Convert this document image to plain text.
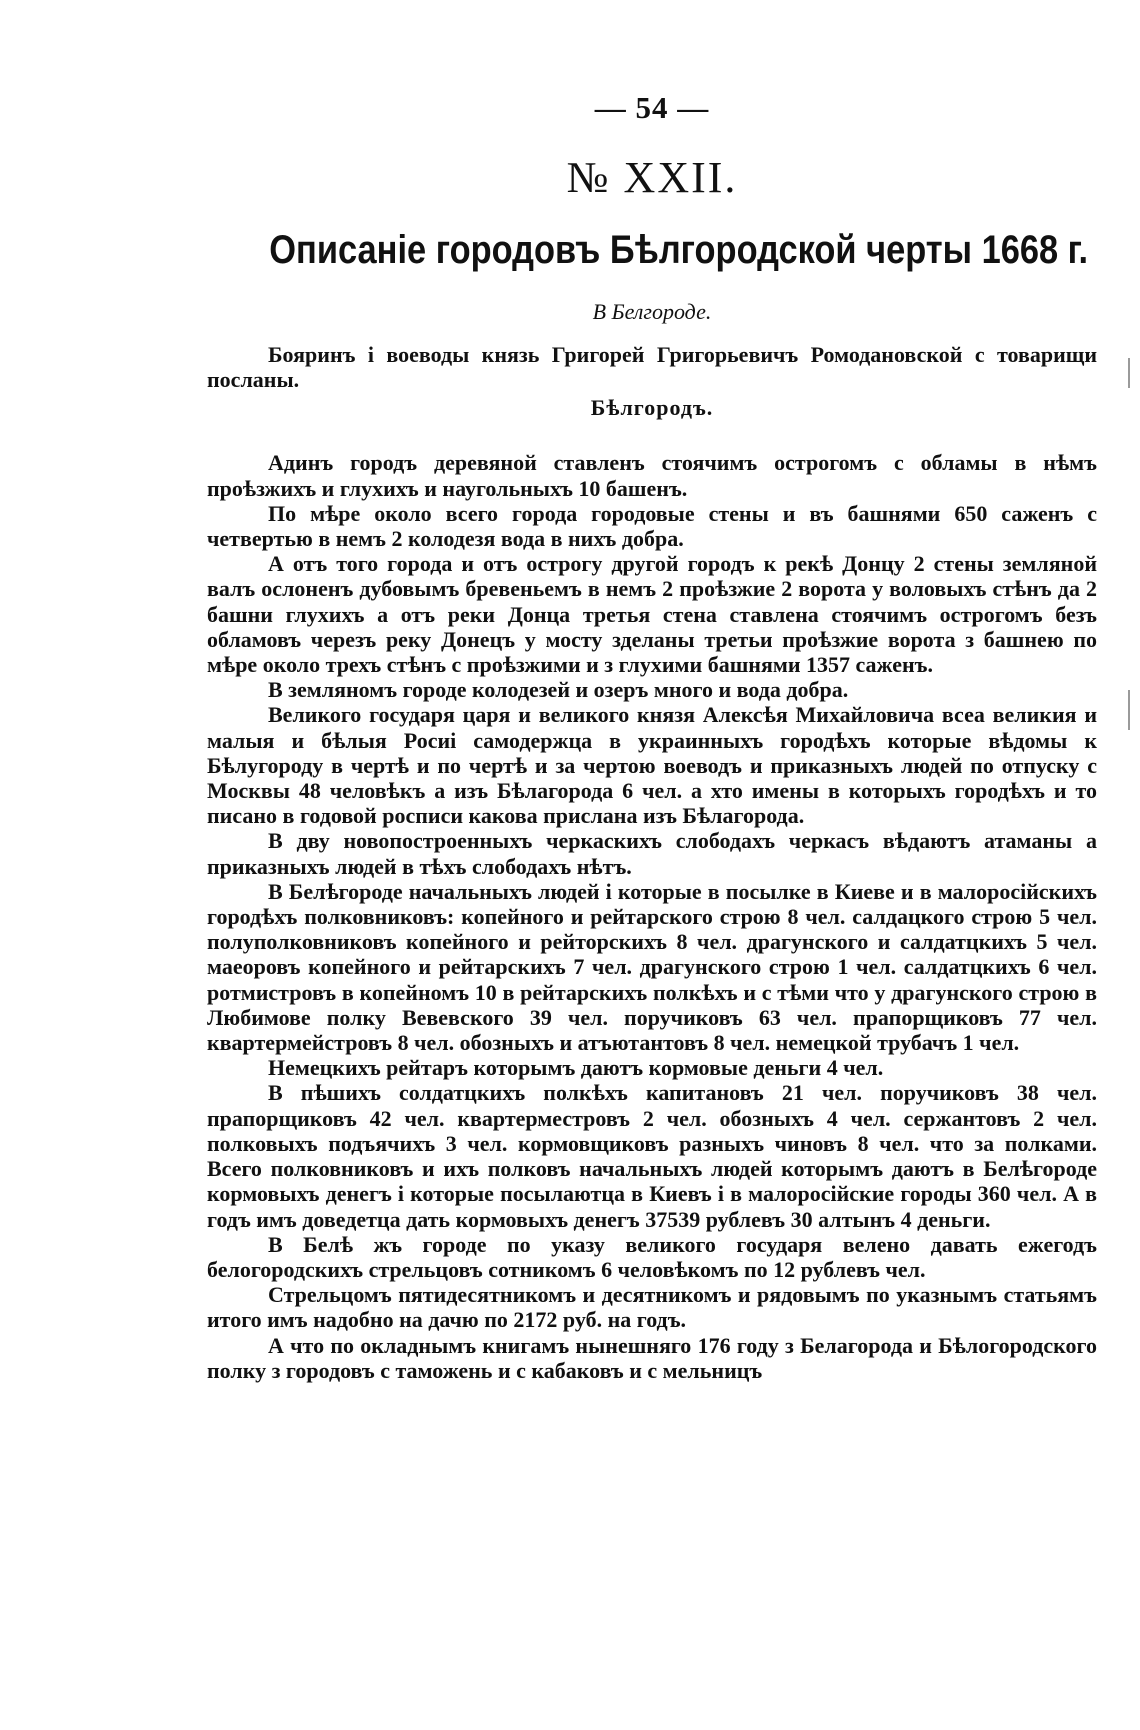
— 54 —
№ XXII.
Описаніе городовъ Бѣлгородской черты 1668 г.
В Белгороде.

Бояринъ і воеводы князь Григорей Григорьевичъ Ромодановской с товарищи посланы.

Бѣлгородъ.

Адинъ городъ деревяной ставленъ стоячимъ острогомъ с обламы в нѣмъ проѣзжихъ и глухихъ и наугольныхъ 10 башенъ.

По мѣре около всего города городовые стены и въ башнями 650 саженъ с четвертью в немъ 2 колодезя вода в нихъ добра.

А отъ того города и отъ острогу другой городъ к рекѣ Донцу 2 стены земляной валъ ослоненъ дубовымъ бревеньемъ в немъ 2 проѣзжие 2 ворота у воловыхъ стѣнъ да 2 башни глухихъ а отъ реки Донца третья стена ставлена стоячимъ острогомъ безъ обламовъ черезъ реку Донецъ у мосту зделаны третьи проѣзжие ворота з башнею по мѣре около трехъ стѣнъ с проѣзжими и з глухими башнями 1357 саженъ.

В земляномъ городе колодезей и озеръ много и вода добра.

Великого государя царя и великого князя Алексѣя Михайловича всеа великия и малыя и бѣлыя Росиі самодержца в украинныхъ городѣхъ которые вѣдомы к Бѣлугороду в чертѣ и по чертѣ и за чертою воеводъ и приказныхъ людей по отпуску с Москвы 48 человѣкъ а изъ Бѣлагорода 6 чел. а хто имены в которыхъ городѣхъ и то писано в годовой росписи какова прислана изъ Бѣлагорода.

В дву новопостроенныхъ черкаскихъ слободахъ черкасъ вѣдаютъ атаманы а приказныхъ людей в тѣхъ слободахъ нѣтъ.

В Белѣгороде начальныхъ людей і которые в посылке в Киеве и в малоросійскихъ городѣхъ полковниковъ: копейного и рейтарского строю 8 чел. салдацкого строю 5 чел. полуполковниковъ копейного и рейторскихъ 8 чел. драгунского и салдатцкихъ 5 чел. маеоровъ копейного и рейтарскихъ 7 чел. драгунского строю 1 чел. салдатцкихъ 6 чел. ротмистровъ в копейномъ 10 в рейтарскихъ полкѣхъ и с тѣми что у драгунского строю в Любимове полку Вевевского 39 чел. поручиковъ 63 чел. прапорщиковъ 77 чел. квартермейстровъ 8 чел. обозныхъ и атъютантовъ 8 чел. немецкой трубачъ 1 чел.

Немецкихъ рейтаръ которымъ даютъ кормовые деньги 4 чел.

В пѣшихъ солдатцкихъ полкѣхъ капитановъ 21 чел. поручиковъ 38 чел. прапорщиковъ 42 чел. квартерместровъ 2 чел. обозныхъ 4 чел. сержантовъ 2 чел. полковыхъ подъячихъ 3 чел. кормовщиковъ разныхъ чиновъ 8 чел. что за полками. Всего полковниковъ и ихъ полковъ начальныхъ людей которымъ даютъ в Белѣгороде кормовыхъ денегъ і которые посылаютца в Киевъ і в малоросійские городы 360 чел. А в годъ имъ доведетца дать кормовыхъ денегъ 37539 рублевъ 30 алтынъ 4 деньги.

В Белѣ жъ городе по указу великого государя велено давать ежегодъ белогородскихъ стрельцовъ сотникомъ 6 человѣкомъ по 12 рублевъ чел.

Стрельцомъ пятидесятникомъ и десятникомъ и рядовымъ по указнымъ статьямъ итого имъ надобно на дачю по 2172 руб. на годъ.

А что по окладнымъ книгамъ нынешняго 176 году з Белагорода и Бѣлогородского полку з городовъ с таможень и с кабаковъ и с мельницъ
